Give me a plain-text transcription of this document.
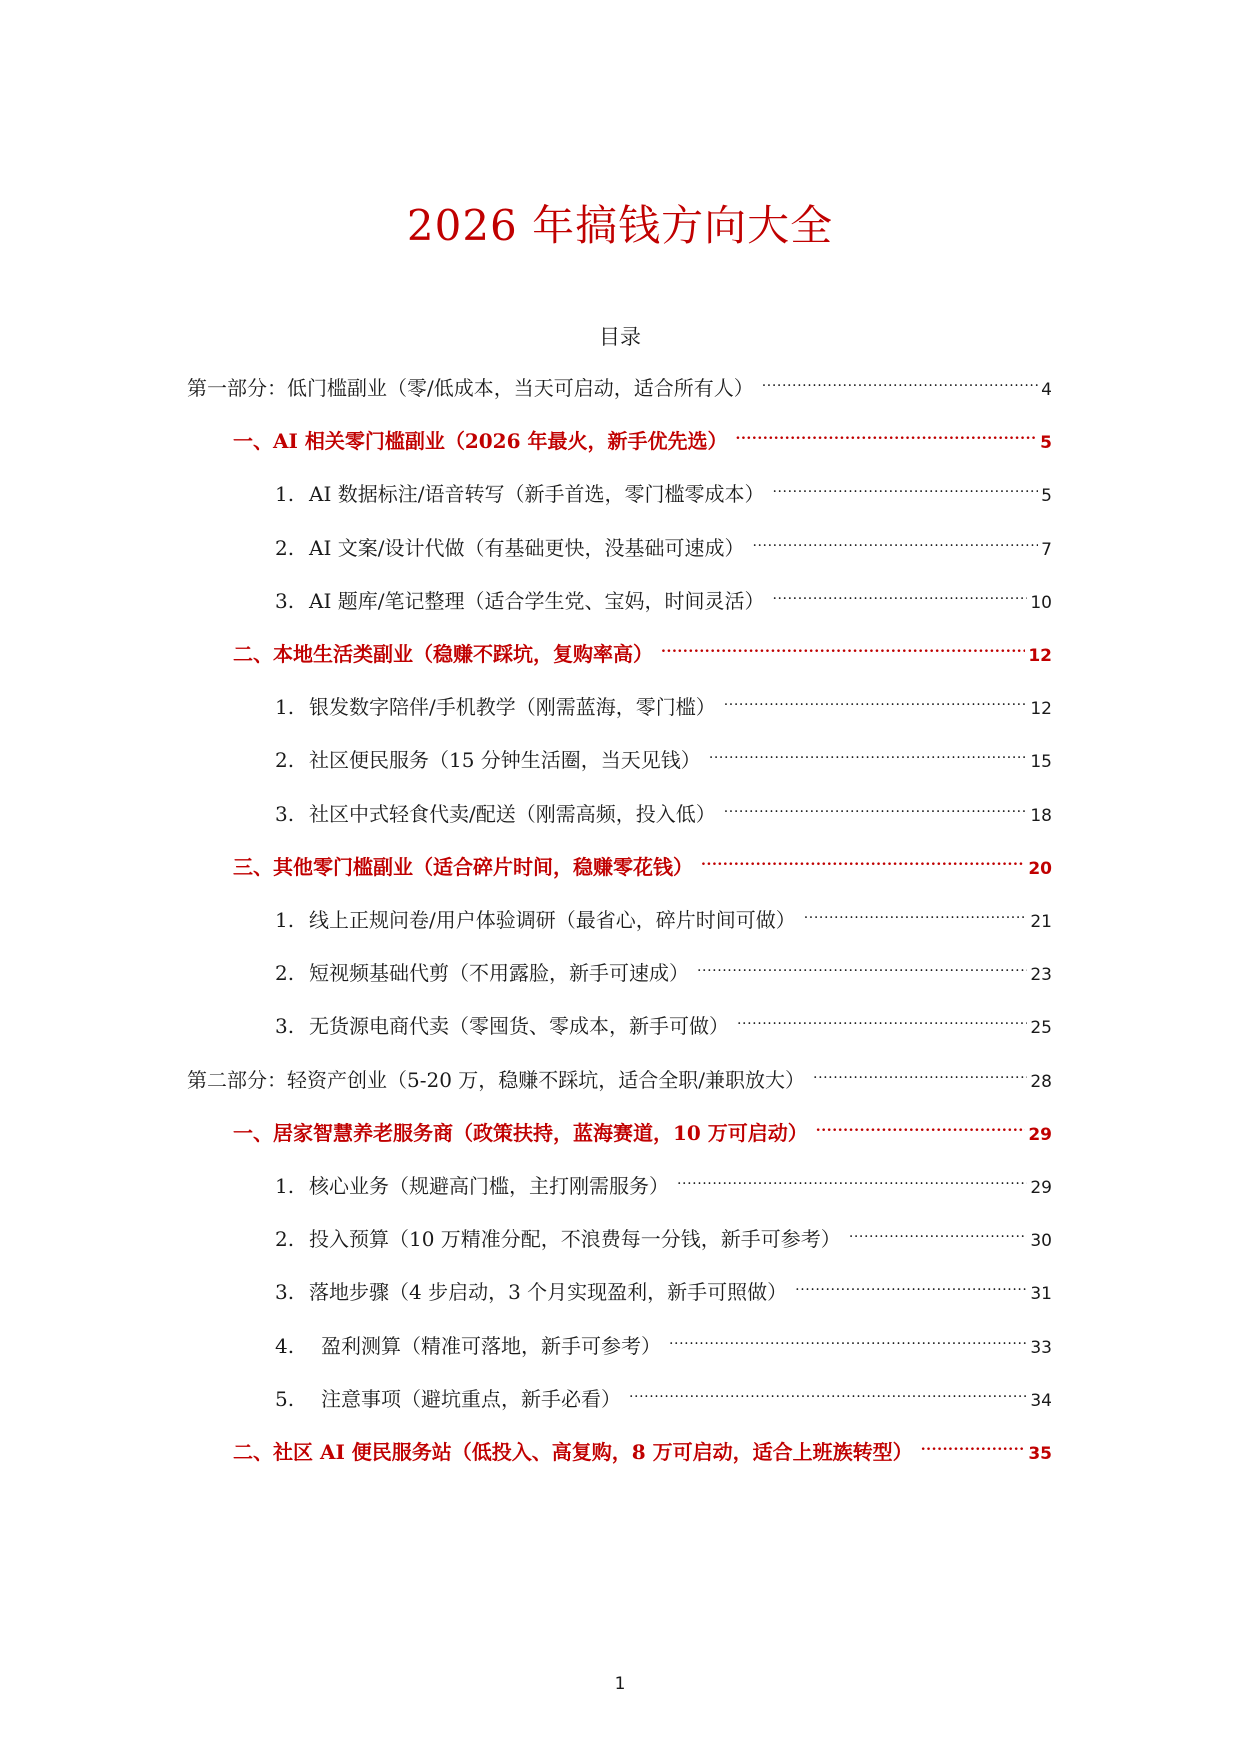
2026 年搞钱方向大全
目录
第一部分：低门槛副业（零/低成本，当天可启动，适合所有人） .....	4
一、AI 相关零门槛副业（2026 年最火，新手优先选） .....	5
1. AI 数据标注/语音转写（新手首选，零门槛零成本） .....	5
2. AI 文案/设计代做（有基础更快，没基础可速成） .....	7
3. AI 题库/笔记整理（适合学生党、宝妈，时间灵活） .....	10
二、本地生活类副业（稳赚不踩坑，复购率高） .....	12
1. 银发数字陪伴/手机教学（刚需蓝海，零门槛） .....	12
2. 社区便民服务（15 分钟生活圈，当天见钱） .....	15
3. 社区中式轻食代卖/配送（刚需高频，投入低） .....	18
三、其他零门槛副业（适合碎片时间，稳赚零花钱） .....	20
1. 线上正规问卷/用户体验调研（最省心，碎片时间可做） .....	21
2. 短视频基础代剪（不用露脸，新手可速成） .....	23
3. 无货源电商代卖（零囤货、零成本，新手可做） .....	25
第二部分：轻资产创业（5-20 万，稳赚不踩坑，适合全职/兼职放大） .....	28
一、居家智慧养老服务商（政策扶持，蓝海赛道，10 万可启动） .....	29
1. 核心业务（规避高门槛，主打刚需服务） .....	29
2. 投入预算（10 万精准分配，不浪费每一分钱，新手可参考） .....	30
3. 落地步骤（4 步启动，3 个月实现盈利，新手可照做） .....	31
4.	盈利测算（精准可落地，新手可参考） .....	33
5.	注意事项（避坑重点，新手必看） .....	34
二、社区 AI 便民服务站（低投入、高复购，8 万可启动，适合上班族转型） .....	35
1
